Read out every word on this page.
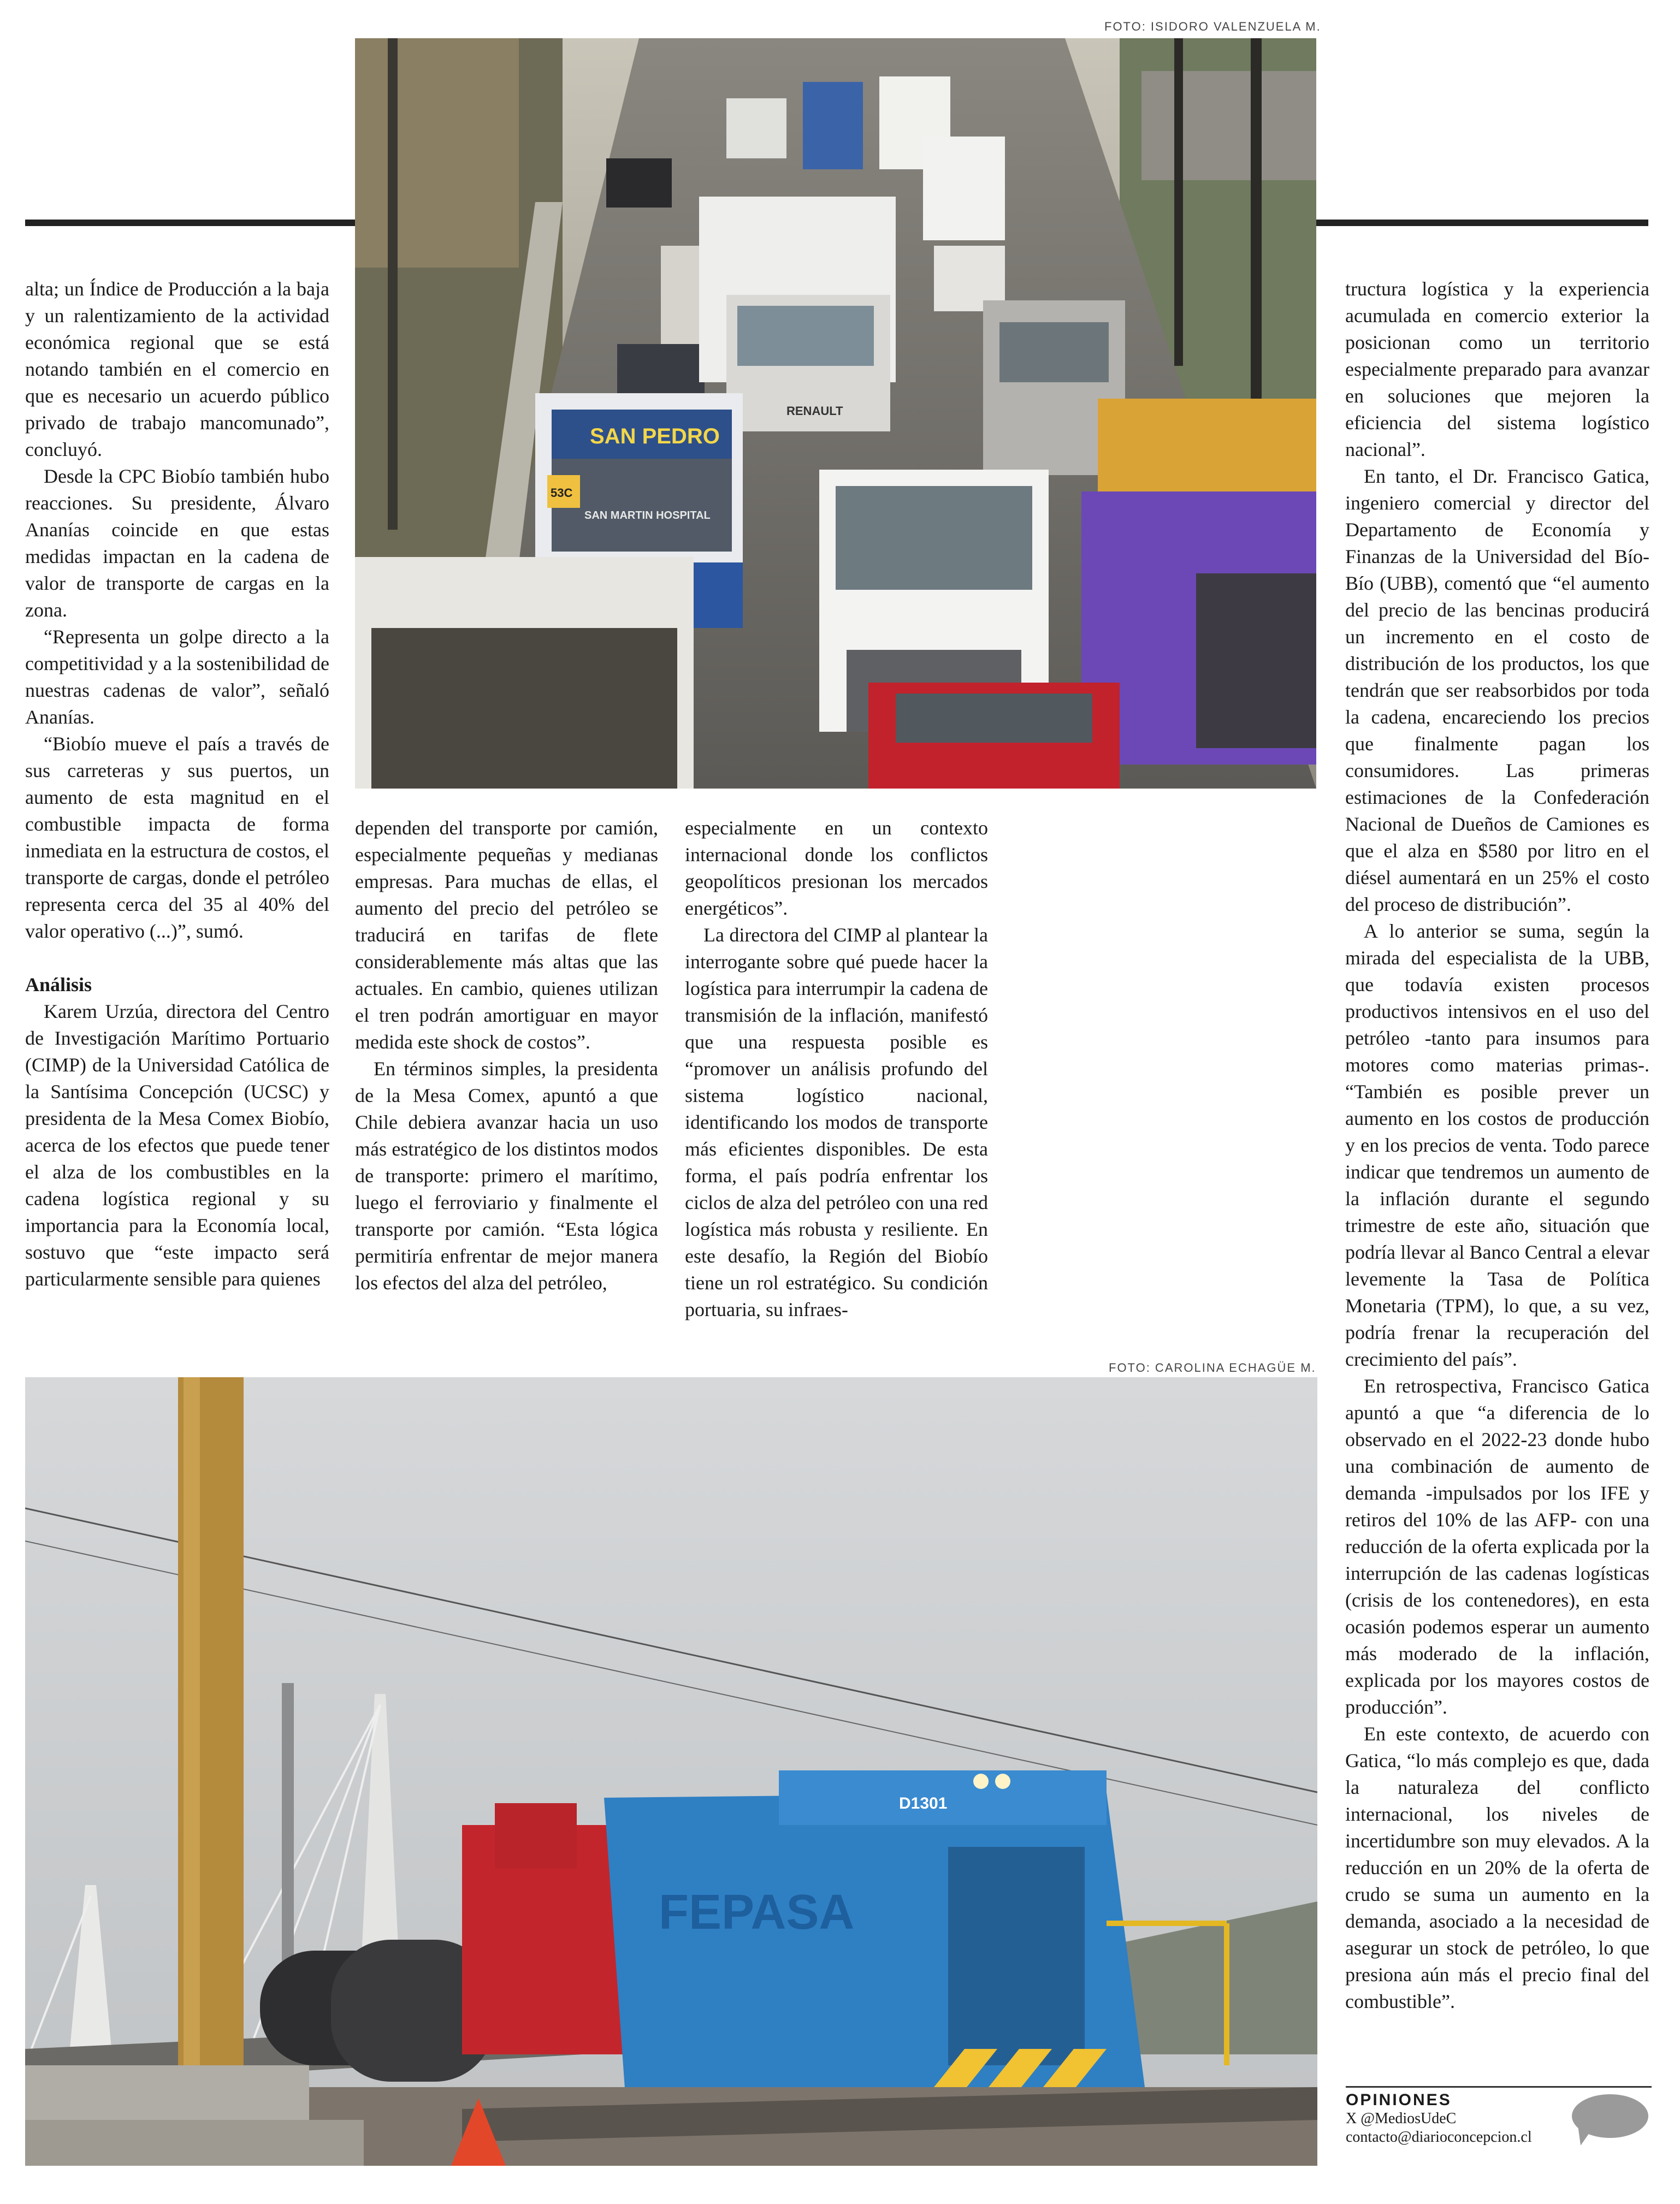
FOTO: ISIDORO VALENZUELA M.
SAN PEDRO
53C
SAN MARTIN HOSPITAL
RENAULT

alta; un Índice de Producción a la baja y un ralentizamiento de la actividad económica regional que se está notando también en el comercio en que es necesario un acuerdo público privado de trabajo mancomunado”, concluyó.

Desde la CPC Biobío también hubo reacciones. Su presidente, Álvaro Ananías coincide en que estas medidas impactan en la cadena de valor de transporte de cargas en la zona.

“Representa un golpe directo a la competitividad y a la sostenibilidad de nuestras cadenas de valor”, señaló Ananías.

“Biobío mueve el país a través de sus carreteras y sus puertos, un aumento de esta magnitud en el combustible impacta de forma inmediata en la estructura de costos, el transporte de cargas, donde el petróleo representa cerca del 35 al 40% del valor operativo (...)”, sumó.

Análisis

Karem Urzúa, directora del Centro de Investigación Marítimo Portuario (CIMP) de la Universidad Católica de la Santísima Concepción (UCSC) y presidenta de la Mesa Comex Biobío, acerca de los efectos que puede tener el alza de los combustibles en la cadena logística regional y su importancia para la Economía local, sostuvo que “este impacto será particularmente sensible para quienes

dependen del transporte por camión, especialmente pequeñas y medianas empresas. Para muchas de ellas, el aumento del precio del petróleo se traducirá en tarifas de flete considerablemente más altas que las actuales. En cambio, quienes utilizan el tren podrán amortiguar en mayor medida este shock de costos”.

En términos simples, la presidenta de la Mesa Comex, apuntó a que Chile debiera avanzar hacia un uso más estratégico de los distintos modos de transporte: primero el marítimo, luego el ferroviario y finalmente el transporte por camión. “Esta lógica permitiría enfrentar de mejor manera los efectos del alza del petróleo,

especialmente en un contexto internacional donde los conflictos geopolíticos presionan los mercados energéticos”.

La directora del CIMP al plantear la interrogante sobre qué puede hacer la logística para interrumpir la cadena de transmisión de la inflación, manifestó que una respuesta posible es “promover un análisis profundo del sistema logístico nacional, identificando los modos de transporte más eficientes disponibles. De esta forma, el país podría enfrentar los ciclos de alza del petróleo con una red logística más robusta y resiliente. En este desafío, la Región del Biobío tiene un rol estratégico. Su condición portuaria, su infraes-

tructura logística y la experiencia acumulada en comercio exterior la posicionan como un territorio especialmente preparado para avanzar en soluciones que mejoren la eficiencia del sistema logístico nacional”.

En tanto, el Dr. Francisco Gatica, ingeniero comercial y director del Departamento de Economía y Finanzas de la Universidad del Bío-Bío (UBB), comentó que “el aumento del precio de las bencinas producirá un incremento en el costo de distribución de los productos, los que tendrán que ser reabsorbidos por toda la cadena, encareciendo los precios que finalmente pagan los consumidores. Las primeras estimaciones de la Confederación Nacional de Dueños de Camiones es que el alza en $580 por litro en el diésel aumentará en un 25% el costo del proceso de distribución”.

A lo anterior se suma, según la mirada del especialista de la UBB, que todavía existen procesos productivos intensivos en el uso del petróleo -tanto para insumos para motores como materias primas-. “También es posible prever un aumento en los costos de producción y en los precios de venta. Todo parece indicar que tendremos un aumento de la inflación durante el segundo trimestre de este año, situación que podría llevar al Banco Central a elevar levemente la Tasa de Política Monetaria (TPM), lo que, a su vez, podría frenar la recuperación del crecimiento del país”.

En retrospectiva, Francisco Gatica apuntó a que “a diferencia de lo observado en el 2022-23 donde hubo una combinación de aumento de demanda -impulsados por los IFE y retiros del 10% de las AFP- con una reducción de la oferta explicada por la interrupción de las cadenas logísticas (crisis de los contenedores), en esta ocasión podemos esperar un aumento más moderado de la inflación, explicada por los mayores costos de producción”.

En este contexto, de acuerdo con Gatica, “lo más complejo es que, dada la naturaleza del conflicto internacional, los niveles de incertidumbre son muy elevados. A la reducción en un 20% de la oferta de crudo se suma un aumento en la demanda, asociado a la necesidad de asegurar un stock de petróleo, lo que presiona aún más el precio final del combustible”.

FOTO: CAROLINA ECHAGÜE M.
D1301
FEPASA
OPINIONES
X @MediosUdeC
contacto@diarioconcepcion.cl
